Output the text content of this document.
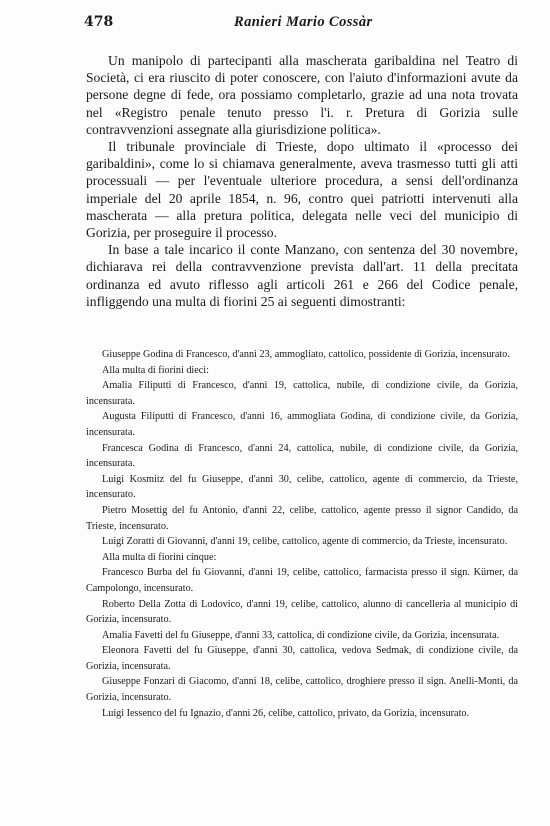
478	Ranieri Mario Cossàr

Un manipolo di partecipanti alla mascherata garibaldina nel Teatro di Società, ci era riuscito di poter conoscere, con l'aiuto d'informazioni avute da persone degne di fede, ora possiamo completarlo, grazie ad una nota trovata nel «Registro penale tenuto presso l'i. r. Pretura di Gorizia sulle contravvenzioni assegnate alla giurisdizione politica».

Il tribunale provinciale di Trieste, dopo ultimato il «processo dei garibaldini», come lo si chiamava generalmente, aveva trasmesso tutti gli atti processuali — per l'eventuale ulteriore procedura, a sensi dell'ordinanza imperiale del 20 aprile 1854, n. 96, contro quei patriotti intervenuti alla mascherata — alla pretura politica, delegata nelle veci del municipio di Gorizia, per proseguire il processo.

In base a tale incarico il conte Manzano, con sentenza del 30 novembre, dichiarava rei della contravvenzione prevista dall'art. 11 della precitata ordinanza ed avuto riflesso agli articoli 261 e 266 del Codice penale, infliggendo una multa di fiorini 25 ai seguenti dimostranti:

Giuseppe Godina di Francesco, d'anni 23, ammogliato, cattolico, possidente di Gorizia, incensurato.

Alla multa di fiorini dieci:

Amalia Filiputti di Francesco, d'anni 19, cattolica, nubile, di condizione civile, da Gorizia, incensurata.

Augusta Filiputti di Francesco, d'anni 16, ammogliata Godina, di condizione civile, da Gorizia, incensurata.

Francesca Godina di Francesco, d'anni 24, cattolica, nubile, di condizione civile, da Gorizia, incensurata.

Luigi Kosmitz del fu Giuseppe, d'anni 30, celibe, cattolico, agente di commercio, da Trieste, incensurato.

Pietro Mosettig del fu Antonio, d'anni 22, celibe, cattolico, agente presso il signor Candido, da Trieste, incensurato.

Luigi Zoratti di Giovanni, d'anni 19, celibe, cattolico, agente di commercio, da Trieste, incensurato.

Alla multa di fiorini cinque:

Francesco Burba del fu Giovanni, d'anni 19, celibe, cattolico, farmacista presso il sign. Kürner, da Campolongo, incensurato.

Roberto Della Zotta di Lodovico, d'anni 19, celibe, cattolico, alunno di cancelleria al municipio di Gorizia, incensurato.

Amalia Favetti del fu Giuseppe, d'anni 33, cattolica, di condizione civile, da Gorizia, incensurata.

Eleonora Favetti del fu Giuseppe, d'anni 30, cattolica, vedova Sedmak, di condizione civile, da Gorizia, incensurata.

Giuseppe Fonzari di Giacomo, d'anni 18, celibe, cattolico, droghiere presso il sign. Anelli-Monti, da Gorizia, incensurato.

Luigi Iessenco del fu Ignazio, d'anni 26, celibe, cattolico, privato, da Gorizia, incensurato.
